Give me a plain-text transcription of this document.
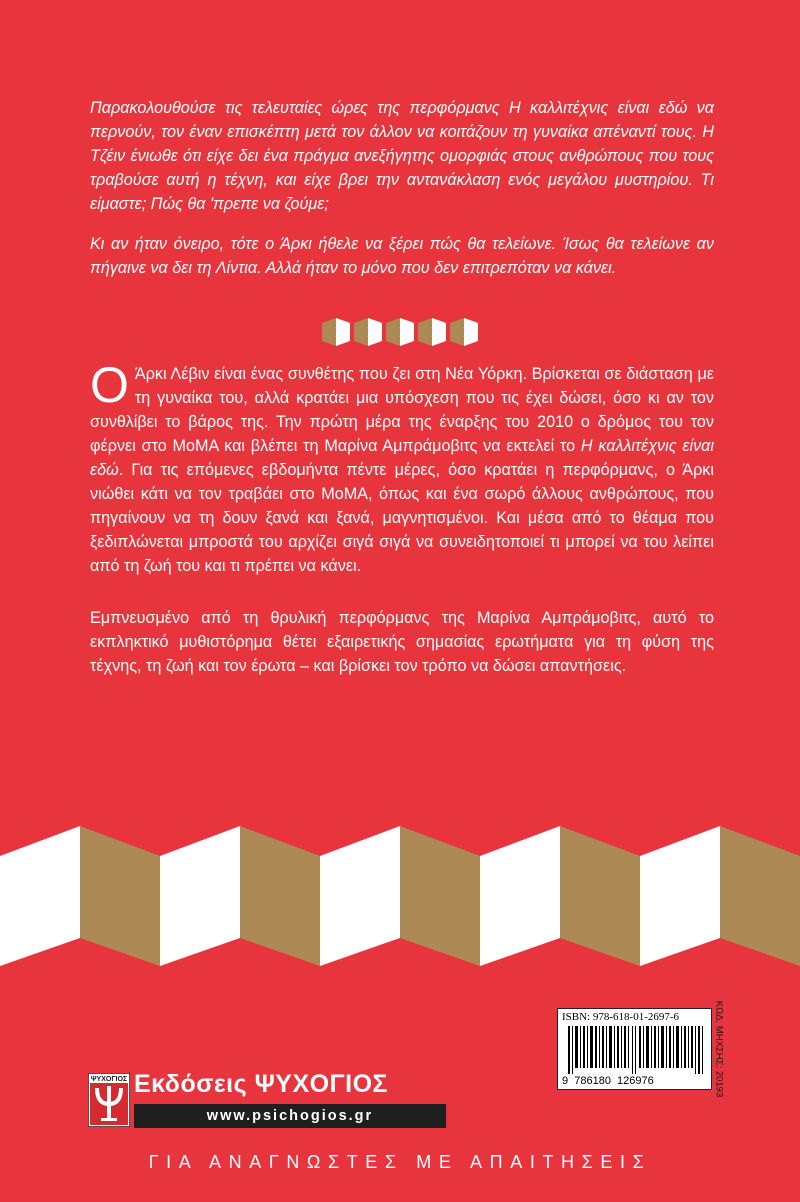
Παρακολουθούσε τις τελευταίες ώρες της περφόρμανς Η καλλιτέχνις είναι εδώ να περνούν, τον έναν επισκέπτη μετά τον άλλον να κοιτάζουν τη γυναίκα απέναντί τους. Η Τζέιν ένιωθε ότι είχε δει ένα πράγμα ανεξήγητης ομορφιάς στους ανθρώπους που τους τραβούσε αυτή η τέχνη, και είχε βρει την αντανάκλαση ενός μεγάλου μυστηρίου. Τι είμαστε; Πώς θα 'πρεπε να ζούμε;

Κι αν ήταν όνειρο, τότε ο Άρκι ήθελε να ξέρει πώς θα τελείωνε. Ίσως θα τελείωνε αν πήγαινε να δει τη Λίντια. Αλλά ήταν το μόνο που δεν επιτρεπόταν να κάνει.

Ο Άρκι Λέβιν είναι ένας συνθέτης που ζει στη Νέα Υόρκη. Βρίσκεται σε διάσταση με τη γυναίκα του, αλλά κρατάει μια υπόσχεση που τις έχει δώσει, όσο κι αν τον συνθλίβει το βάρος της. Την πρώτη μέρα της έναρξης του 2010 ο δρόμος του τον φέρνει στο MoMA και βλέπει τη Μαρίνα Αμπράμοβιτς να εκτελεί το Η καλλιτέχνις είναι εδώ. Για τις επόμενες εβδομήντα πέντε μέρες, όσο κρατάει η περφόρμανς, ο Άρκι νιώθει κάτι να τον τραβάει στο MoMA, όπως και ένα σωρό άλλους ανθρώπους, που πηγαίνουν να τη δουν ξανά και ξανά, μαγνητισμένοι. Και μέσα από το θέαμα που ξεδιπλώνεται μπροστά του αρχίζει σιγά σιγά να συνειδητοποιεί τι μπορεί να του λείπει από τη ζωή του και τι πρέπει να κάνει.

Εμπνευσμένο από τη θρυλική περφόρμανς της Μαρίνα Αμπράμοβιτς, αυτό το εκπληκτικό μυθιστόρημα θέτει εξαιρετικής σημασίας ερωτήματα για τη φύση της τέχνης, τη ζωή και τον έρωτα – και βρίσκει τον τρόπο να δώσει απαντήσεις.

ISBN: 978-618-01-2697-6
9  786180  126976	ΚΩΔ. ΜΗΧΣΗΣ: 20193
ΨΥΧΟΓΙΟΣ Εκδόσεις ΨΥΧΟΓΙΟΣ
www.psichogios.gr
ΓΙΑ ΑΝΑΓΝΩΣΤΕΣ ΜΕ ΑΠΑΙΤΗΣΕΙΣ
